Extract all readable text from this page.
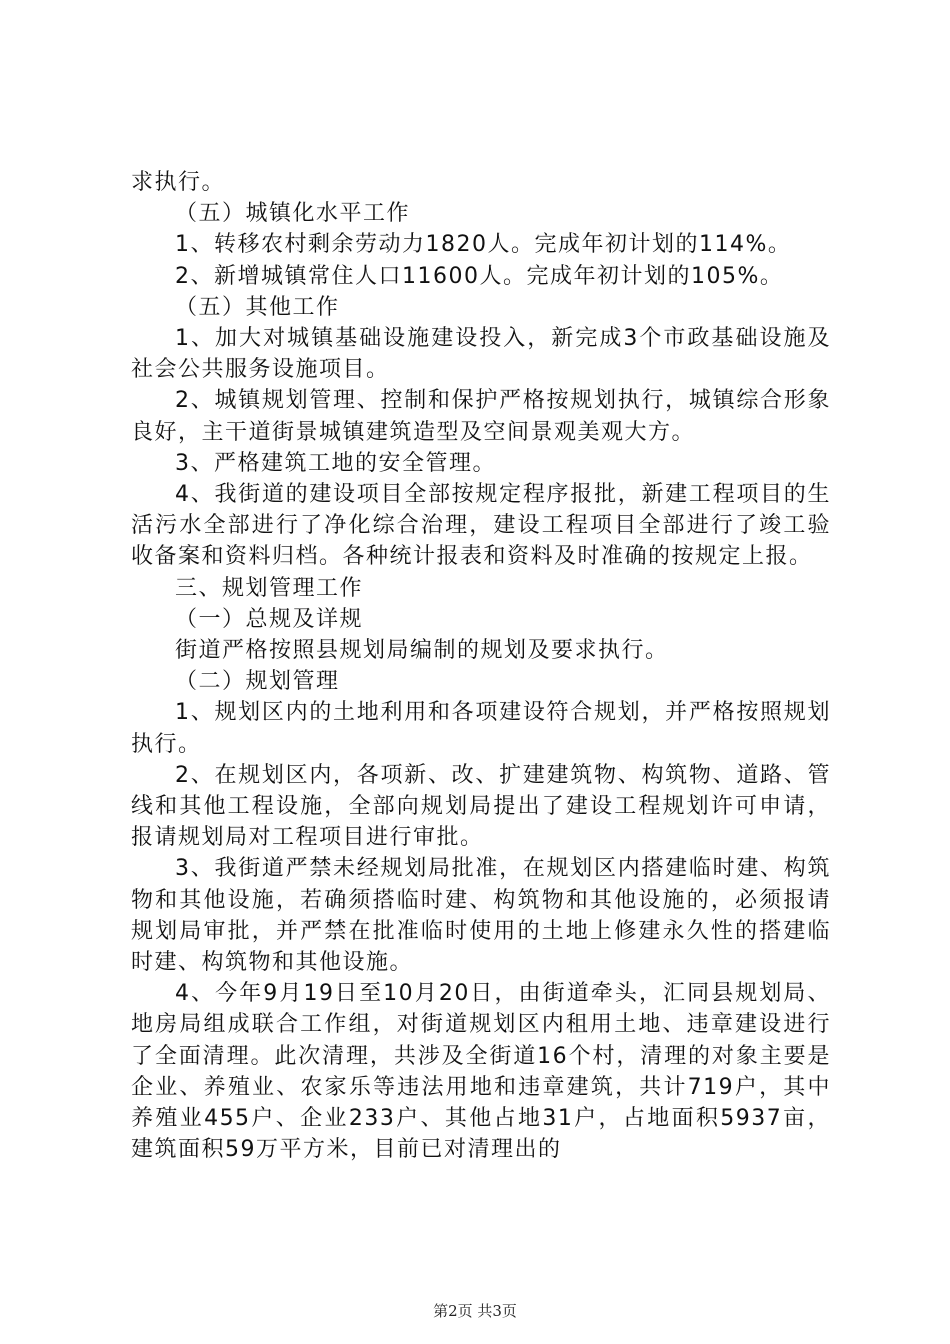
求执行。

（五）城镇化水平工作

1、转移农村剩余劳动力1820人。完成年初计划的114%。

2、新增城镇常住人口11600人。完成年初计划的105%。

（五）其他工作

1、加大对城镇基础设施建设投入，新完成3个市政基础设施及社会公共服务设施项目。

2、城镇规划管理、控制和保护严格按规划执行，城镇综合形象良好，主干道街景城镇建筑造型及空间景观美观大方。

3、严格建筑工地的安全管理。

4、我街道的建设项目全部按规定程序报批，新建工程项目的生活污水全部进行了净化综合治理，建设工程项目全部进行了竣工验收备案和资料归档。各种统计报表和资料及时准确的按规定上报。

三、规划管理工作

（一）总规及详规

街道严格按照县规划局编制的规划及要求执行。

（二）规划管理

1、规划区内的土地利用和各项建设符合规划，并严格按照规划执行。

2、在规划区内，各项新、改、扩建建筑物、构筑物、道路、管线和其他工程设施，全部向规划局提出了建设工程规划许可申请，报请规划局对工程项目进行审批。

3、我街道严禁未经规划局批准，在规划区内搭建临时建、构筑物和其他设施，若确须搭临时建、构筑物和其他设施的，必须报请规划局审批，并严禁在批准临时使用的土地上修建永久性的搭建临时建、构筑物和其他设施。

4、今年9月19日至10月20日，由街道牵头，汇同县规划局、地房局组成联合工作组，对街道规划区内租用土地、违章建设进行了全面清理。此次清理，共涉及全街道16个村，清理的对象主要是企业、养殖业、农家乐等违法用地和违章建筑，共计719户，其中养殖业455户、企业233户、其他占地31户，占地面积5937亩，建筑面积59万平方米，目前已对清理出的

第2页 共3页
